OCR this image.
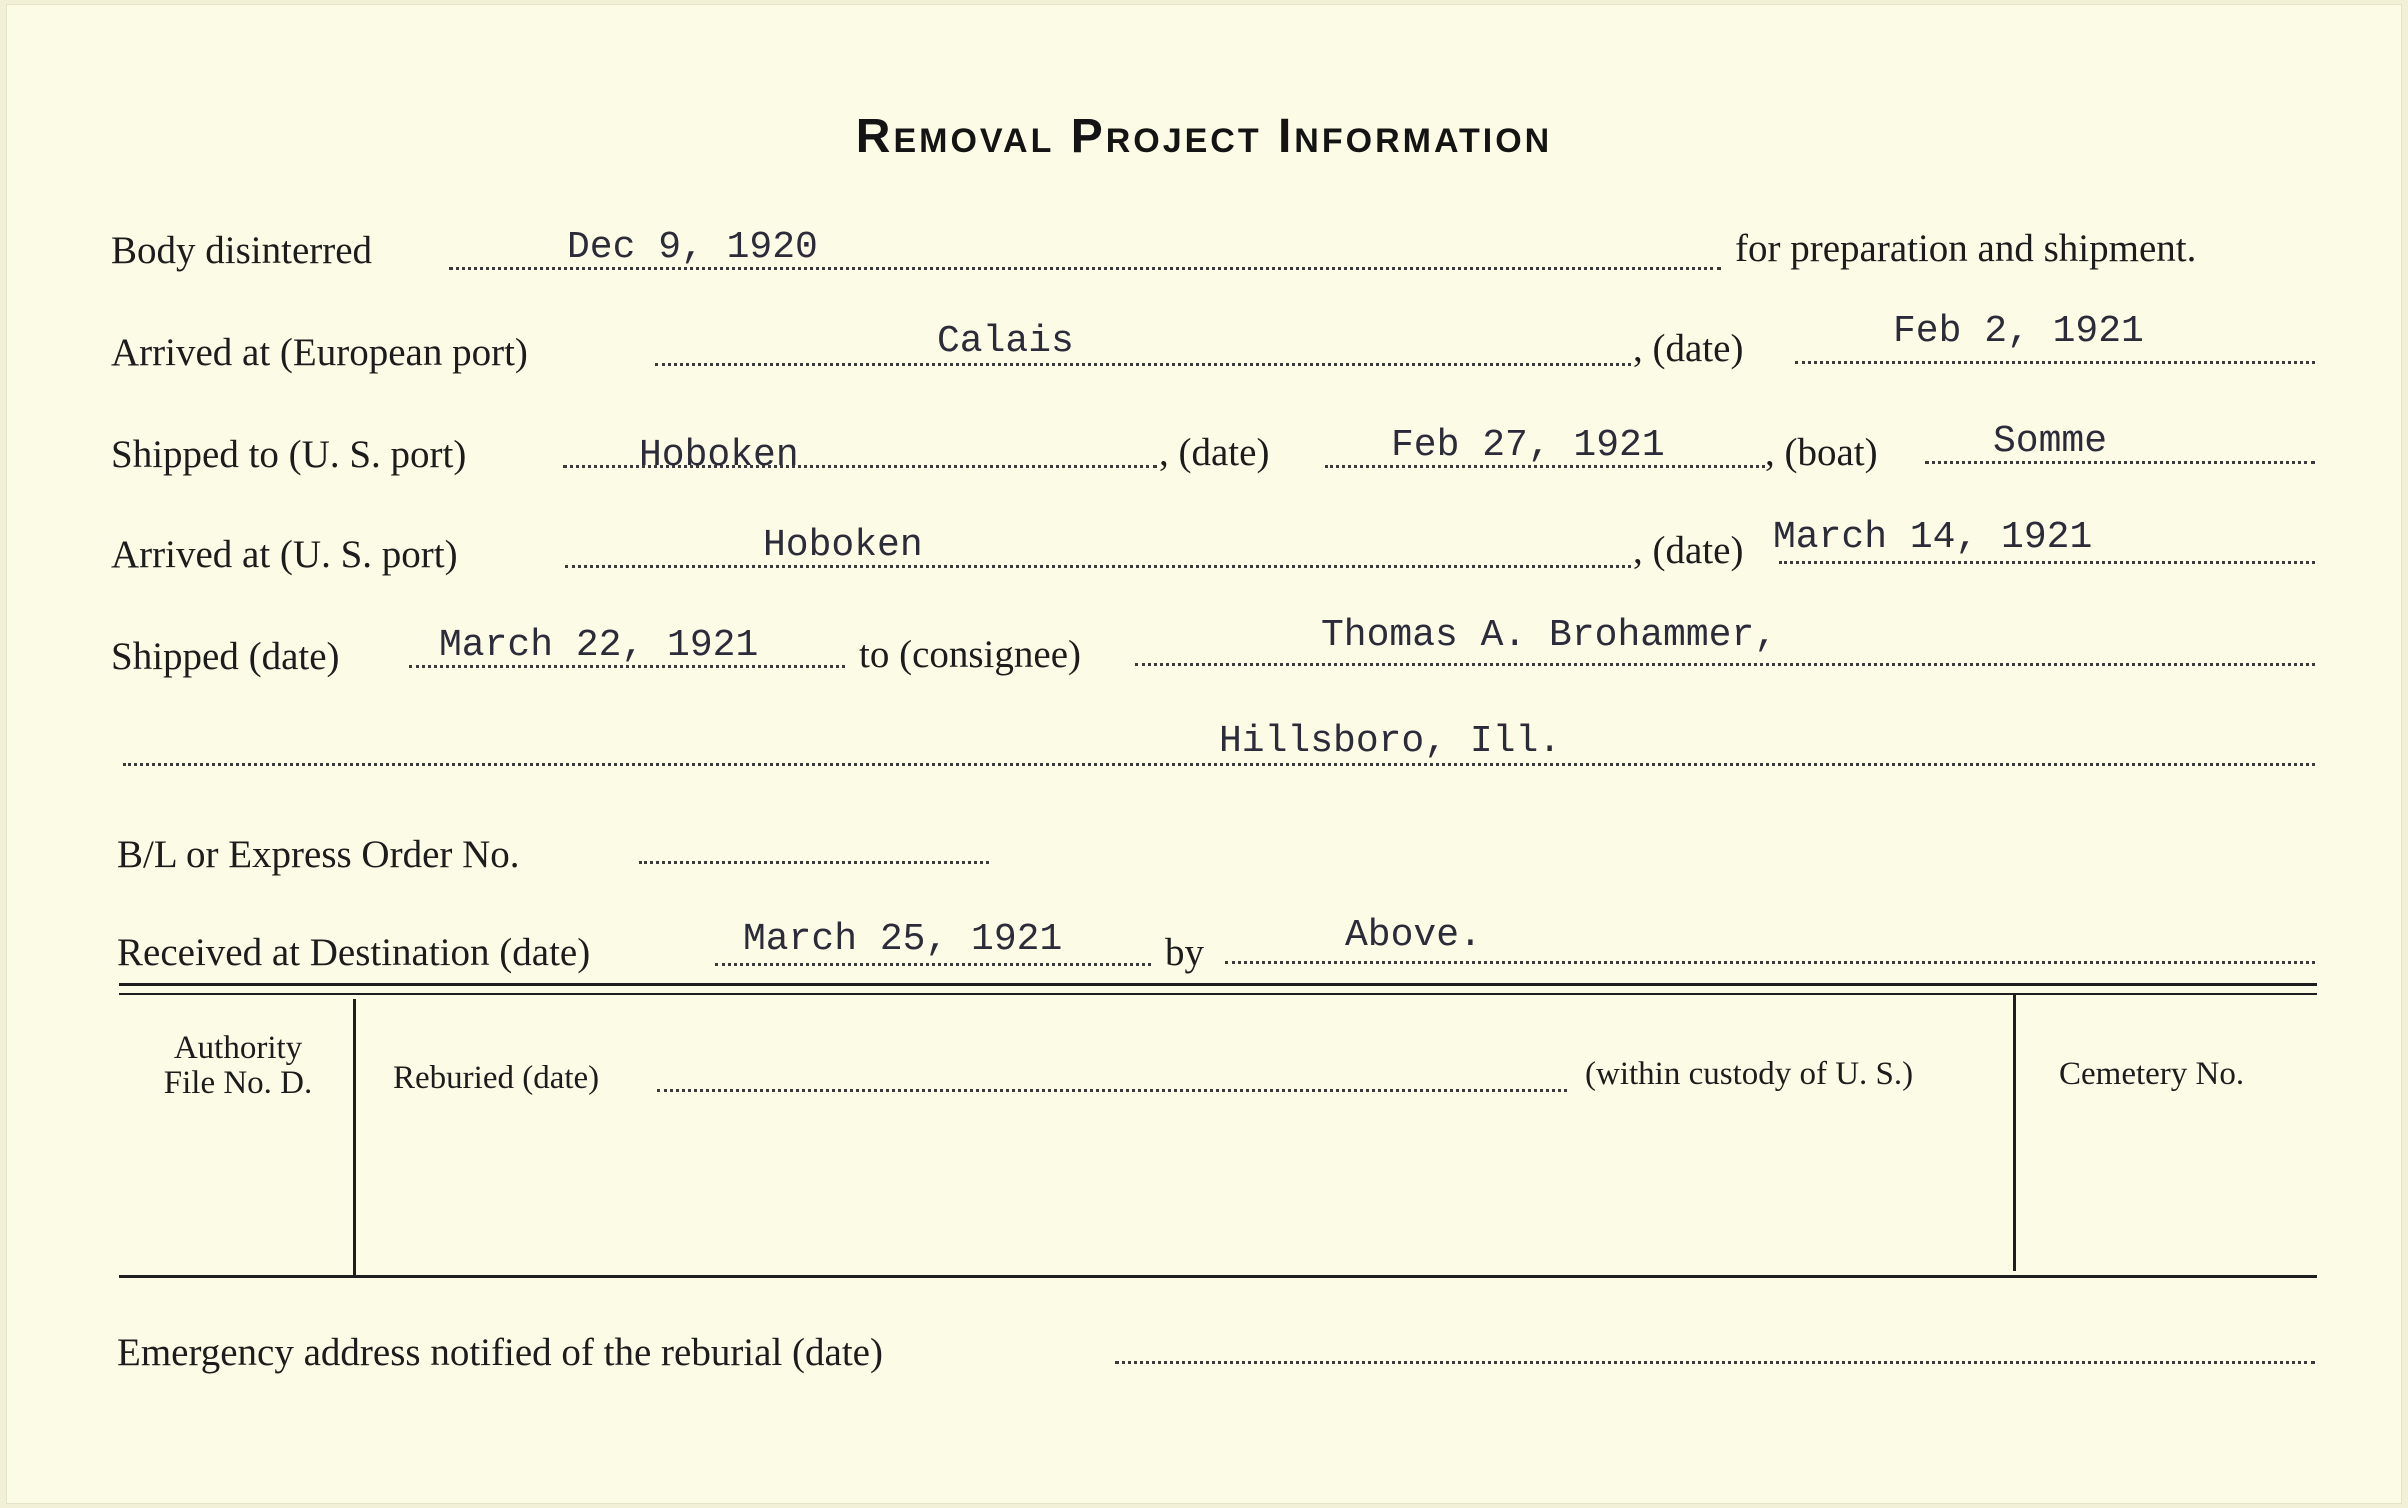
Removal Project Information
Body disinterred	Dec 9, 1920	for preparation and shipment.
Arrived at (European port)	Calais	, (date)	Feb 2, 1921
Shipped to (U. S. port)	Hoboken	, (date)	Feb 27, 1921	, (boat)	Somme
Arrived at (U. S. port)	Hoboken	, (date) March 14, 1921
Shipped (date)	March 22, 1921	to (consignee)	Thomas A. Brohammer,
Hillsboro, Ill.
B/L or Express Order No.
Received at Destination (date)	March 25, 1921	by	Above.
Authority
File No. D.	Reburied (date)	(within custody of U. S.)	Cemetery No.
Emergency address notified of the reburial (date)
